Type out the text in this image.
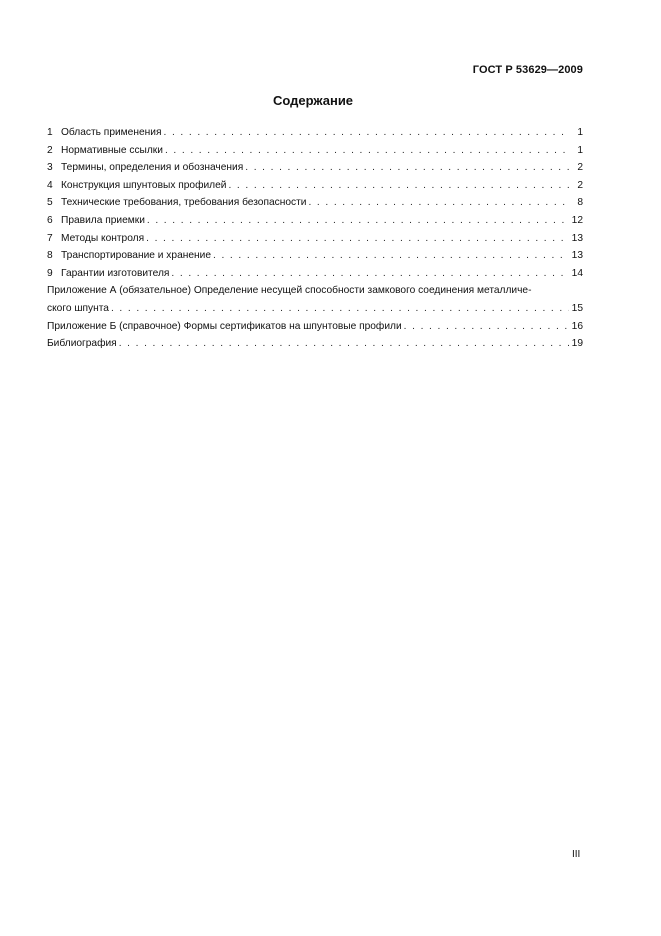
ГОСТ Р 53629—2009
Содержание
1 Область применения . . .	1
2 Нормативные ссылки . . .	1
3 Термины, определения и обозначения . . .	2
4 Конструкция шпунтовых профилей . . .	2
5 Технические требования, требования безопасности . . .	8
6 Правила приемки . . .	12
7 Методы контроля . . .	13
8 Транспортирование и хранение . . .	13
9 Гарантии изготовителя . . .	14
Приложение А (обязательное) Определение несущей способности замкового соединения металличе-
ского шпунта . . .	15
Приложение Б (справочное) Формы сертификатов на шпунтовые профили . . .	16
Библиография . . .	19
III
